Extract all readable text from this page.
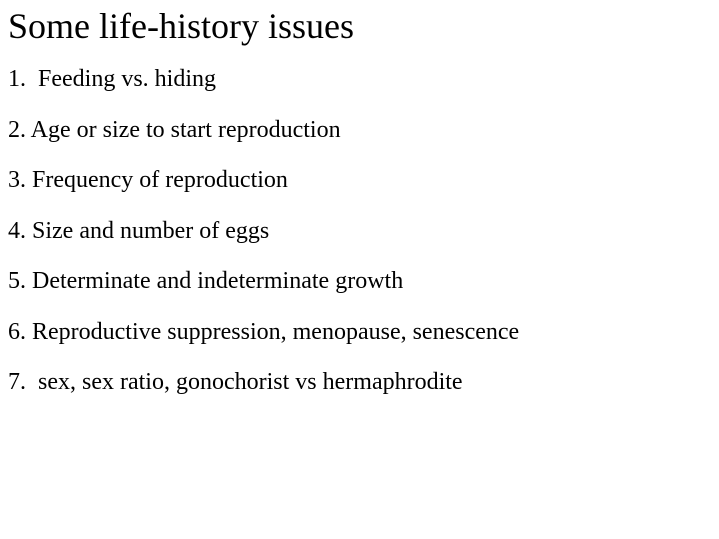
Some life-history issues
1.  Feeding vs. hiding
2. Age or size to start reproduction
3. Frequency of reproduction
4. Size and number of eggs
5. Determinate and indeterminate growth
6. Reproductive suppression, menopause, senescence
7.  sex, sex ratio, gonochorist vs hermaphrodite
